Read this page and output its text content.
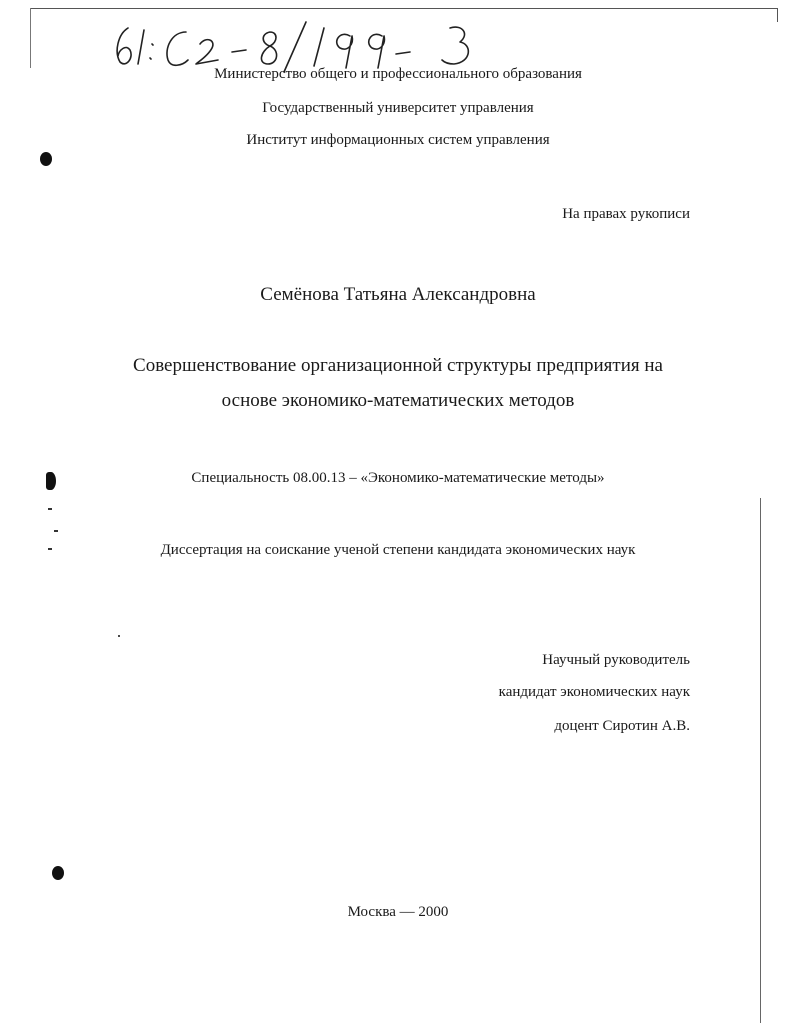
Министерство общего и профессионального образования
Государственный университет управления
Институт информационных систем управления
На правах рукописи
Семёнова Татьяна Александровна
Совершенствование организационной структуры предприятия на
основе экономико-математических методов
Специальность 08.00.13 – «Экономико-математические методы»
Диссертация на соискание ученой степени кандидата экономических наук
Научный руководитель
кандидат экономических наук
доцент Сиротин А.В.
Москва — 2000
